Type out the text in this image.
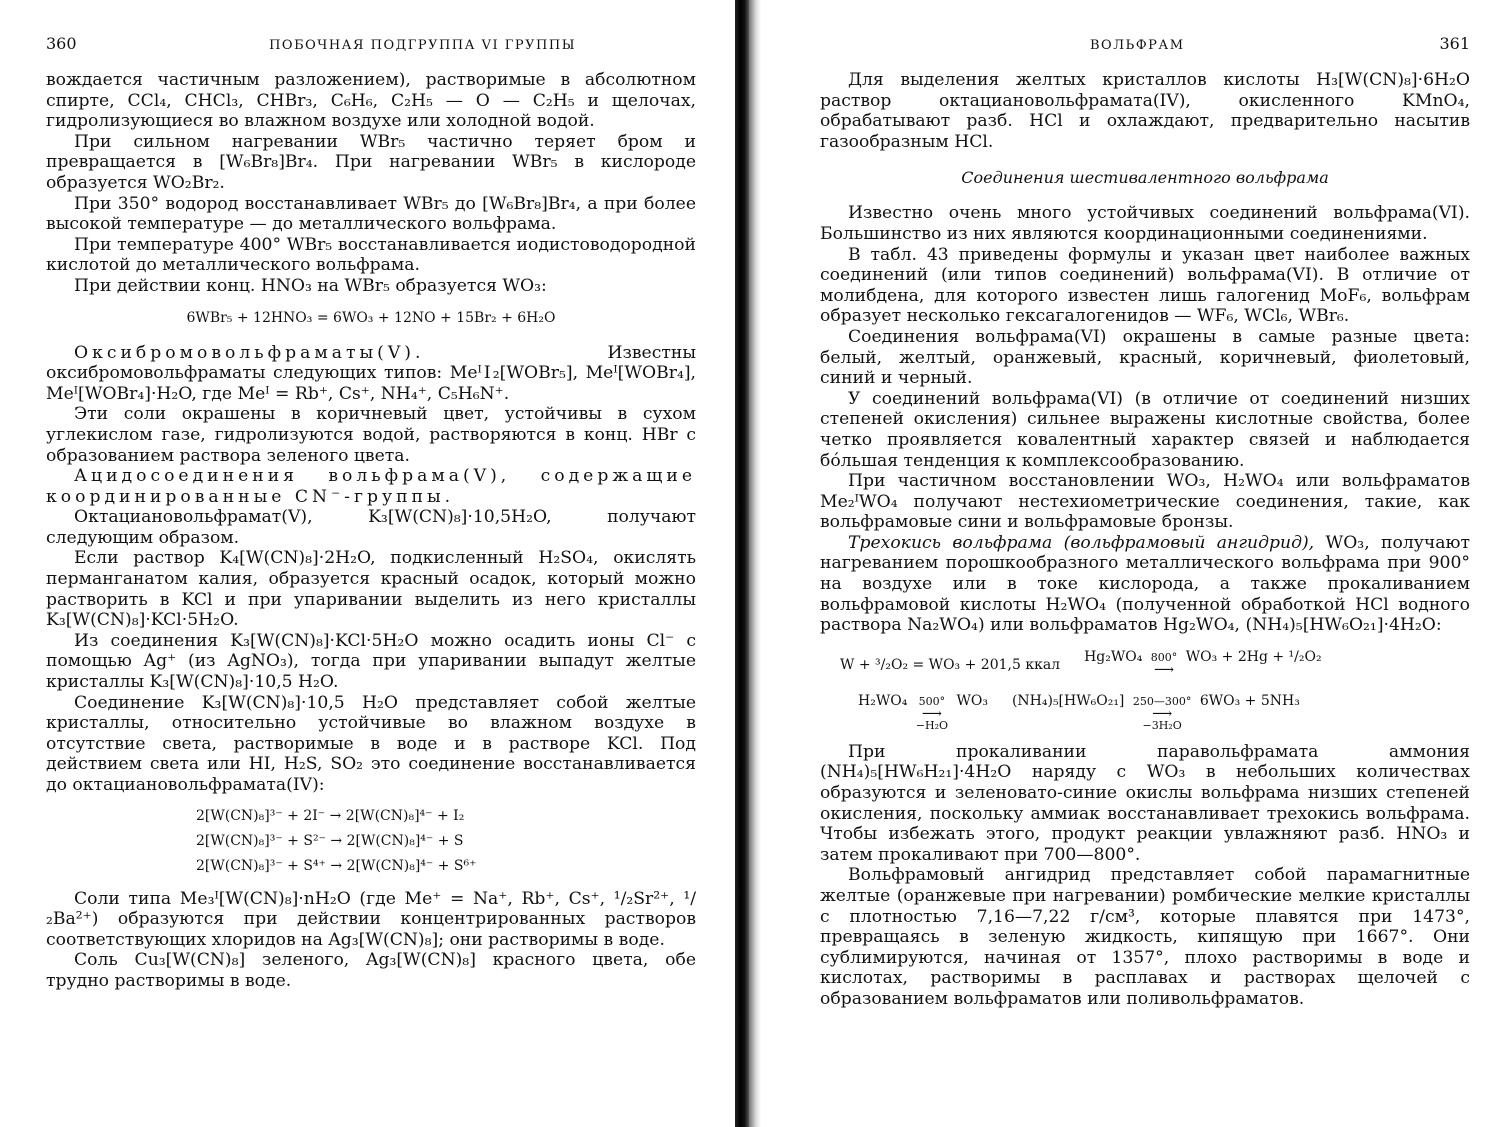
360	ПОБОЧНАЯ ПОДГРУППА VI ГРУППЫ

вождается частичным разложением), растворимые в абсолютном спирте, CCl₄, CHCl₃, CHBr₃, C₆H₆, C₂H₅ — O — C₂H₅ и щелочах, гидролизующиеся во влажном воздухе или холодной водой.

При сильном нагревании WBr₅ частично теряет бром и превращается в [W₆Br₈]Br₄. При нагревании WBr₅ в кислороде образуется WO₂Br₂.

При 350° водород восстанавливает WBr₅ до [W₆Br₈]Br₄, а при более высокой температуре — до металлического вольфрама.

При температуре 400° WBr₅ восстанавливается иодистоводородной кислотой до металлического вольфрама.

При действии конц. HNO₃ на WBr₅ образуется WO₃:

6WBr₅ + 12HNO₃ = 6WO₃ + 12NO + 15Br₂ + 6H₂O

Оксибромовольфраматы(V).	Известны оксибромовольфраматы следующих типов: MeᴵⅠ₂[WOBr₅], Meᴵ[WOBr₄], Meᴵ[WOBr₄]·H₂O, где Meᴵ = Rb⁺, Cs⁺, NH₄⁺, C₅H₆N⁺.

Эти соли окрашены в коричневый цвет, устойчивы в сухом углекислом газе, гидролизуются водой, растворяются в конц. HBr с образованием раствора зеленого цвета.

Ацидосоединения вольфрама(V), содержащие координированные CN⁻-группы.

Октациановольфрамат(V), K₃[W(CN)₈]·10,5H₂O, получают следующим образом.

Если раствор K₄[W(CN)₈]·2H₂O, подкисленный H₂SO₄, окислять перманганатом калия, образуется красный осадок, который можно растворить в KCl и при упаривании выделить из него кристаллы K₃[W(CN)₈]·KCl·5H₂O.

Из соединения K₃[W(CN)₈]·KCl·5H₂O можно осадить ионы Cl⁻ с помощью Ag⁺ (из AgNO₃), тогда при упаривании выпадут желтые кристаллы K₃[W(CN)₈]·10,5 H₂O.

Соединение K₃[W(CN)₈]·10,5 H₂O представляет собой желтые кристаллы, относительно устойчивые во влажном воздухе в отсутствие света, растворимые в воде и в растворе KCl. Под действием света или HI, H₂S, SO₂ это соединение восстанавливается до октациановольфрамата(IV):

2[W(CN)₈]³⁻ + 2I⁻ → 2[W(CN)₈]⁴⁻ + I₂
2[W(CN)₈]³⁻ + S²⁻ → 2[W(CN)₈]⁴⁻ + S
2[W(CN)₈]³⁻ + S⁴⁺ → 2[W(CN)₈]⁴⁻ + S⁶⁺

Соли типа Me₃ᴵ[W(CN)₈]·nH₂O (где Me⁺ = Na⁺, Rb⁺, Cs⁺, ¹/₂Sr²⁺, ¹/₂Ba²⁺) образуются при действии концентрированных растворов соответствующих хлоридов на Ag₃[W(CN)₈]; они растворимы в воде.

Соль Cu₃[W(CN)₈] зеленого, Ag₃[W(CN)₈] красного цвета, обе трудно растворимы в воде.

ВОЛЬФРАМ	361

Для выделения желтых кристаллов кислоты H₃[W(CN)₈]·6H₂O раствор октациановольфрамата(IV), окисленного KMnO₄, обрабатывают разб. HCl и охлаждают, предварительно насытив газообразным HCl.

Соединения шестивалентного вольфрама

Известно очень много устойчивых соединений вольфрама(VI). Большинство из них являются координационными соединениями.

В табл. 43 приведены формулы и указан цвет наиболее важных соединений (или типов соединений) вольфрама(VI). В отличие от молибдена, для которого известен лишь галогенид MoF₆, вольфрам образует несколько гексагалогенидов — WF₆, WCl₆, WBr₆.

Соединения вольфрама(VI) окрашены в самые разные цвета: белый, желтый, оранжевый, красный, коричневый, фиолетовый, синий и черный.

У соединений вольфрама(VI) (в отличие от соединений низших степеней окисления) сильнее выражены кислотные свойства, более четко проявляется ковалентный характер связей и наблюдается бóльшая тенденция к комплексообразованию.

При частичном восстановлении WO₃, H₂WO₄ или вольфраматов Me₂ᴵWO₄ получают нестехиометрические соединения, такие, как вольфрамовые сини и вольфрамовые бронзы.

Трехокись вольфрама (вольфрамовый ангидрид), WO₃, получают нагреванием порошкообразного металлического вольфрама при 900° на воздухе или в токе кислорода, а также прокаливанием вольфрамовой кислоты H₂WO₄ (полученной обработкой HCl водного раствора Na₂WO₄) или вольфраматов Hg₂WO₄, (NH₄)₅[HW₆O₂₁]·4H₂O:

W + ³/₂O₂ = WO₃ + 201,5 ккал
Hg₂WO₄ 800°
⟶

WO₃ + 2Hg + ¹/₂O₂
H₂WO₄ 500°
⟶
−H₂O
WO₃ (NH₄)₅[HW₆O₂₁] 250—300°
⟶
−3H₂O
6WO₃ + 5NH₃

При прокаливании паравольфрамата аммония (NH₄)₅[HW₆H₂₁]·4H₂O наряду с WO₃ в небольших количествах образуются и зеленовато-синие окислы вольфрама низших степеней окисления, поскольку аммиак восстанавливает трехокись вольфрама. Чтобы избежать этого, продукт реакции увлажняют разб. HNO₃ и затем прокаливают при 700—800°.

Вольфрамовый ангидрид представляет собой парамагнитные желтые (оранжевые при нагревании) ромбические мелкие кристаллы с плотностью 7,16—7,22 г/см³, которые плавятся при 1473°, превращаясь в зеленую жидкость, кипящую при 1667°. Они сублимируются, начиная от 1357°, плохо растворимы в воде и кислотах, растворимы в расплавах и растворах щелочей с образованием вольфраматов или поливольфраматов.
